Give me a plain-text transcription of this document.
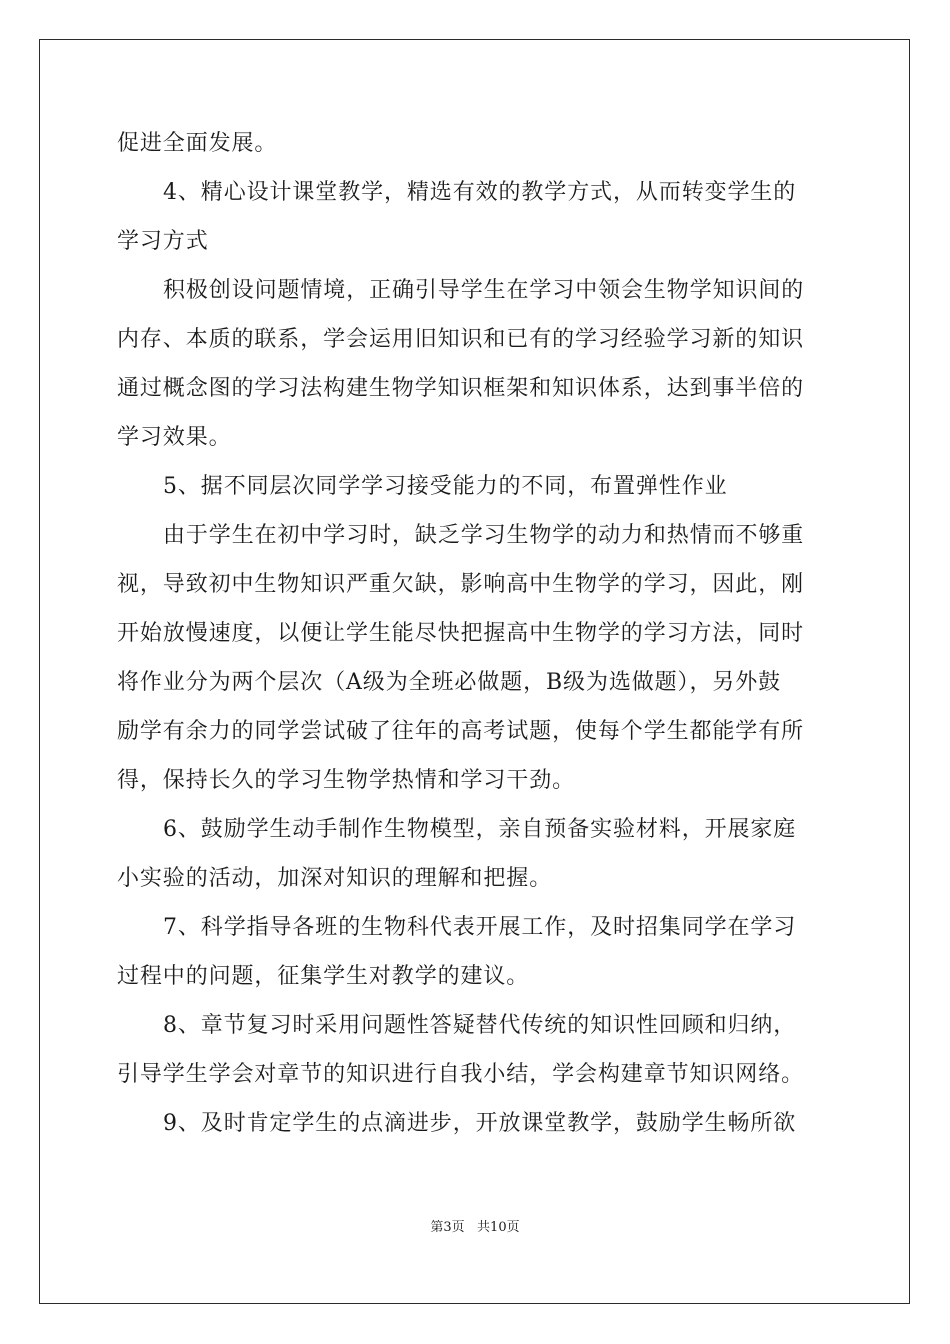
促进全面发展。
4、精心设计课堂教学，精选有效的教学方式，从而转变学生的
学习方式
积极创设问题情境，正确引导学生在学习中领会生物学知识间的
内存、本质的联系，学会运用旧知识和已有的学习经验学习新的知识
通过概念图的学习法构建生物学知识框架和知识体系，达到事半倍的
学习效果。
5、据不同层次同学学习接受能力的不同，布置弹性作业
由于学生在初中学习时，缺乏学习生物学的动力和热情而不够重
视，导致初中生物知识严重欠缺，影响高中生物学的学习，因此，刚
开始放慢速度，以便让学生能尽快把握高中生物学的学习方法，同时
将作业分为两个层次（A级为全班必做题，B级为选做题），另外鼓
励学有余力的同学尝试破了往年的高考试题，使每个学生都能学有所
得，保持长久的学习生物学热情和学习干劲。
6、鼓励学生动手制作生物模型，亲自预备实验材料，开展家庭
小实验的活动，加深对知识的理解和把握。
7、科学指导各班的生物科代表开展工作，及时招集同学在学习
过程中的问题，征集学生对教学的建议。
8、章节复习时采用问题性答疑替代传统的知识性回顾和归纳，
引导学生学会对章节的知识进行自我小结，学会构建章节知识网络。
9、及时肯定学生的点滴进步，开放课堂教学，鼓励学生畅所欲
第3页   共10页
